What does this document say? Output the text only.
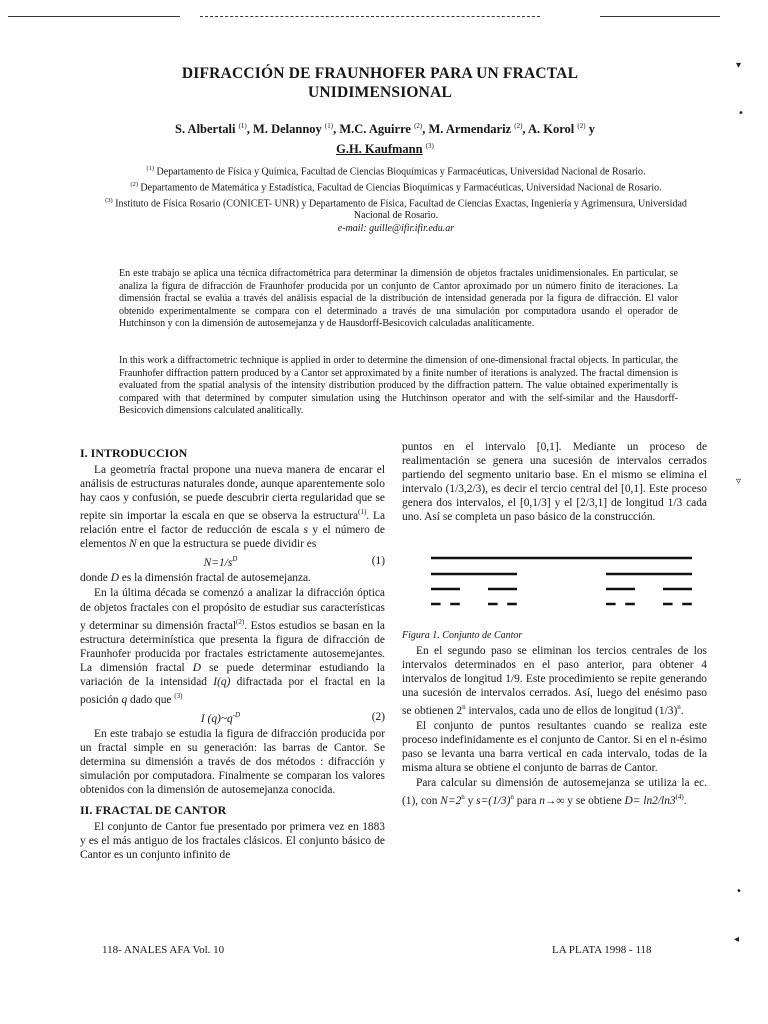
▾
•
▿
•
◂
DIFRACCIÓN DE FRAUNHOFER PARA UN FRACTAL UNIDIMENSIONAL
S. Albertali $^{(1)}$, M. Delannoy $^{(1)}$, M.C. Aguirre $^{(2)}$, M. Armendariz $^{(2)}$, A. Korol $^{(2)}$ y
G.H. Kaufmann $^{(3)}$

$^{(1)}$ Departamento de Física y Química, Facultad de Ciencias Bioquímicas y Farmacéuticas, Universidad Nacional de Rosario.

$^{(2)}$ Departamento de Matemática y Estadística, Facultad de Ciencias Bioquímicas y Farmacéuticas, Universidad Nacional de Rosario.

$^{(3)}$ Instituto de Física Rosario (CONICET- UNR) y Departamento de Física, Facultad de Ciencias Exactas, Ingeniería y Agrimensura, Universidad Nacional de Rosario.

e-mail: guille@ifir.ifir.edu.ar

En este trabajo se aplica una técnica difractométrica para determinar la dimensión de objetos fractales unidimensionales. En particular, se analiza la figura de difracción de Fraunhofer producida por un conjunto de Cantor aproximado por un número finito de iteraciones. La dimensión fractal se evalúa a través del análisis espacial de la distribución de intensidad generada por la figura de difracción. El valor obtenido experimentalmente se compara con el determinado a través de una simulación por computadora usando el operador de Hutchinson y con la dimensión de autosemejanza y de Hausdorff-Besicovich calculadas analíticamente.

In this work a diffractometric technique is applied in order to determine the dimension of one-dimensional fractal objects. In particular, the Fraunhofer diffraction pattern produced by a Cantor set approximated by a finite number of iterations is analyzed. The fractal dimension is evaluated from the spatial analysis of the intensity distribution produced by the diffraction pattern. The value obtained experimentally is compared with that determined by computer simulation using the Hutchinson operator and with the self-similar and the Hausdorff-Besicovich dimensions calculated analitically.

I. INTRODUCCION

La geometría fractal propone una nueva manera de encarar el análisis de estructuras naturales donde, aunque aparentemente solo hay caos y confusión, se puede descubrir cierta regularidad que se repite sin importar la escala en que se observa la estructura$^{(1)}$. La relación entre el factor de reducción de escala s y el número de elementos N en que la estructura se puede dividir es

$N=1/s^D$	(1)

donde D es la dimensión fractal de autosemejanza.

En la última década se comenzó a analizar la difracción óptica de objetos fractales con el propósito de estudiar sus características y determinar su dimensión fractal$^{(2)}$. Estos estudios se basan en la estructura determinística que presenta la figura de difracción de Fraunhofer producida por fractales estrictamente autosemejantes. La dimensión fractal D se puede determinar estudiando la variación de la intensidad I(q) difractada por el fractal en la posición q dado que $^{(3)}$

I $(q)\sim q^{-D}$	(2)

En este trabajo se estudia la figura de difracción producida por un fractal simple en su generación: las barras de Cantor. Se determina su dimensión a través de dos métodos : difracción y simulación por computadora. Finalmente se comparan los valores obtenidos con la dimensión de autosemejanza conocida.

II. FRACTAL DE CANTOR

El conjunto de Cantor fue presentado por primera vez en 1883 y es el más antiguo de los fractales clásicos. El conjunto básico de Cantor es un conjunto infinito de

puntos en el intervalo [0,1]. Mediante un proceso de realimentación se genera una sucesión de intervalos cerrados partiendo del segmento unitario base. En el mismo se elimina el intervalo (1/3,2/3), es decir el tercio central del [0,1]. Este proceso genera dos intervalos, el [0,1/3] y el [2/3,1] de longitud 1/3 cada uno. Así se completa un paso básico de la construcción.

Figura 1. Conjunto de Cantor

En el segundo paso se eliminan los tercios centrales de los intervalos determinados en el paso anterior, para obtener 4 intervalos de longitud 1/9. Este procedimiento se repite generando una sucesión de intervalos cerrados. Así, luego del enésimo paso se obtienen 2$^n$ intervalos, cada uno de ellos de longitud $(1/3)^n$.

El conjunto de puntos resultantes cuando se realiza este proceso indefinidamente es el conjunto de Cantor. Si en el n-ésimo paso se levanta una barra vertical en cada intervalo, todas de la misma altura se obtiene el conjunto de barras de Cantor.

Para calcular su dimensión de autosemejanza se utiliza la ec. (1), con $N=2^n$ y $s=(1/3)^n$ para n→∞ y se obtiene $D= \ln 2/\ln 3^{(4)}$.

118- ANALES AFA Vol. 10	LA PLATA 1998 - 118
